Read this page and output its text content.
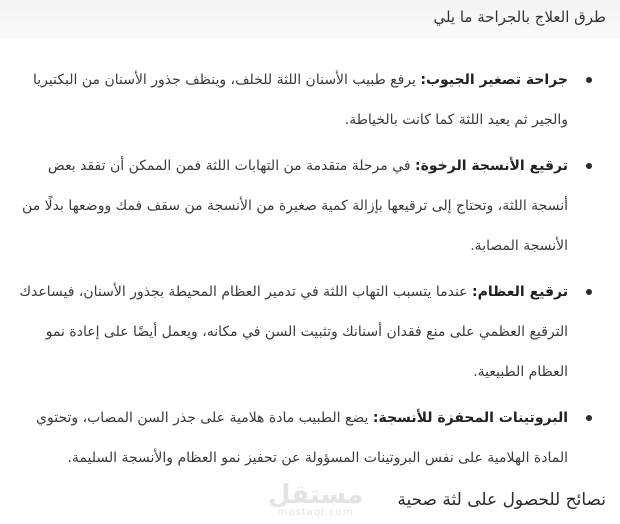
طرق العلاج بالجراحة ما يلي
جراحة تصغير الجيوب: يرفع طبيب الأسنان اللثة للخلف، وينظف جذور الأسنان من البكتيريا والجير ثم يعيد اللثة كما كانت بالخياطة.
ترقيع الأنسجة الرخوة: في مرحلة متقدمة من التهابات اللثة فمن الممكن أن تفقد بعض أنسجة اللثة، وتحتاج إلى ترقيعها بإزالة كمية صغيرة من الأنسجة من سقف فمك ووضعها بدلًا من الأنسجة المصابة.
ترقيع العظام: عندما يتسبب التهاب اللثة في تدمير العظام المحيطة بجذور الأسنان، فيساعدك الترقيع العظمي على منع فقدان أسنانك وتثبيت السن في مكانه، ويعمل أيضًا على إعادة نمو العظام الطبيعية.
البروتينات المحفزة للأنسجة: يضع الطبيب مادة هلامية على جذر السن المصاب، وتحتوي المادة الهلامية على نفس البروتينات المسؤولة عن تحفيز نمو العظام والأنسجة السليمة.
مستقل
mostaql.com
نصائح للحصول على لثة صحية
